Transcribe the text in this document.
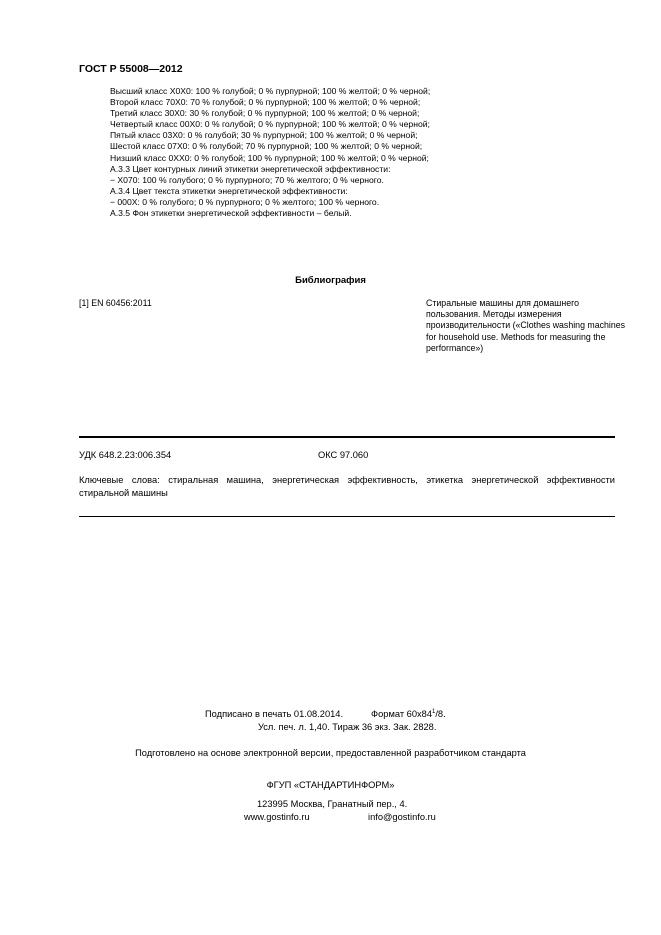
ГОСТ Р 55008—2012
Высший класс Х0Х0: 100 % голубой; 0 % пурпурной; 100 % желтой; 0 % черной;
Второй класс 70Х0: 70 % голубой; 0 % пурпурной; 100 % желтой; 0 % черной;
Третий класс 30Х0: 30 % голубой; 0 % пурпурной; 100 % желтой; 0 % черной;
Четвертый класс 00Х0: 0 % голубой; 0 % пурпурной; 100 % желтой; 0 % черной;
Пятый класс 03Х0: 0 % голубой; 30 % пурпурной; 100 % желтой; 0 % черной;
Шестой класс 07Х0: 0 % голубой; 70 % пурпурной; 100 % желтой; 0 % черной;
Низший класс 0ХХ0: 0 % голубой; 100 % пурпурной; 100 % желтой; 0 % черной;
А.3.3 Цвет контурных линий этикетки энергетической эффективности:
− Х070: 100 % голубого; 0 % пурпурного; 70 % желтого; 0 % черного.
А.3.4 Цвет текста этикетки энергетической эффективности:
− 000Х: 0 % голубого; 0 % пурпурного; 0 % желтого; 100 % черного.
А.3.5 Фон этикетки энергетической эффективности – белый.
Библиография
[1] EN 60456:2011	Стиральные машины для домашнего пользования. Методы измерения производительности («Clothes washing machines for household use. Methods for measuring the performance»)
УДК 648.2.23:006.354	ОКС 97.060
Ключевые слова: стиральная машина, энергетическая эффективность, этикетка энергетической эффективности стиральной машины
Подписано в печать 01.08.2014.	Формат $60х84^1/8$.
Усл. печ. л. 1,40. Тираж 36 экз. Зак. 2828.
Подготовлено на основе электронной версии, предоставленной разработчиком стандарта
ФГУП «СТАНДАРТИНФОРМ»
123995 Москва, Гранатный пер., 4.
www.gostinfo.ru	info@gostinfo.ru
